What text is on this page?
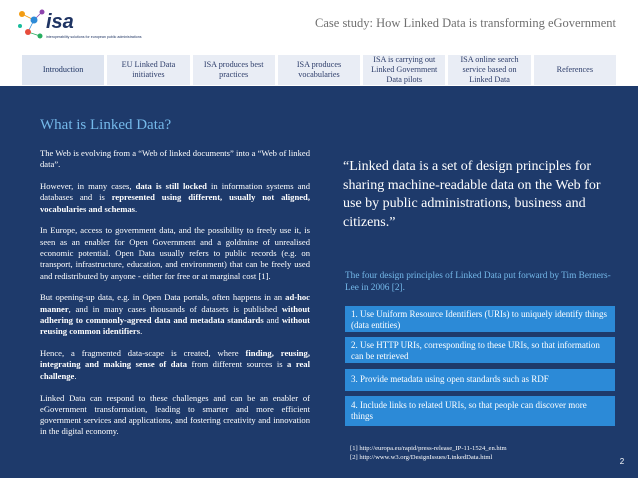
isa
interoperability solutions for european public administrations
Case study: How Linked Data is transforming eGovernment
Introduction
EU Linked Data initiatives
ISA produces best practices
ISA produces vocabularies
ISA is carrying out Linked Government Data pilots
ISA online search service based on Linked Data
References
What is Linked Data?

The Web is evolving from a “Web of linked documents” into a “Web of linked data”.

However, in many cases, data is still locked in information systems and databases and is represented using different, usually not aligned, vocabularies and schemas.

In Europe, access to government data, and the possibility to freely use it, is seen as an enabler for Open Government and a goldmine of unrealised economic potential. Open Data usually refers to public records (e.g. on transport, infrastructure, education, and environment) that can be freely used and redistributed by anyone - either for free or at marginal cost [1].

But opening-up data, e.g. in Open Data portals, often happens in an ad-hoc manner, and in many cases thousands of datasets is published without adhering to commonly-agreed data and metadata standards and without reusing common identifiers.

Hence, a fragmented data-scape is created, where finding, reusing, integrating and making sense of data from different sources is a real challenge.

Linked Data can respond to these challenges and can be an enabler of eGovernment transformation, leading to smarter and more efficient government services and applications, and fostering creativity and innovation in the digital economy.

“Linked data is a set of design principles for sharing machine-readable data on the Web for use by public administrations, business and citizens.”
The four design principles of Linked Data put forward by Tim Berners-Lee in 2006 [2].
1. Use Uniform Resource Identifiers (URIs) to uniquely identify things (data entities)
2. Use HTTP URIs, corresponding to these URIs, so that information can be retrieved
3. Provide metadata using open standards such as RDF
4. Include links to related URIs, so that people can discover more things
[1] http://europa.eu/rapid/press-release_IP-11-1524_en.htm
[2] http://www.w3.org/DesignIssues/LinkedData.html	2
